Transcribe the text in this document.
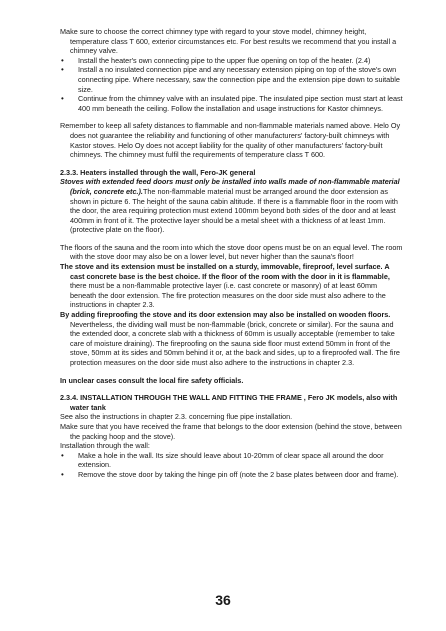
Make sure to choose the correct chimney type with regard to your stove model, chimney height, temperature class T 600, exterior circumstances etc. For best results we recommend that you install a chimney valve.

• Install the heater's own connecting pipe to the upper flue opening on top of the heater. (2.4)
• Install a no insulated connection pipe and any necessary extension piping on top of the stove's own connecting pipe. Where necessary, saw the connection pipe and the extension pipe down to suitable size.
• Continue from the chimney valve with an insulated pipe. The insulated pipe section must start at least 400 mm beneath the ceiling. Follow the installation and usage instructions for Kastor chimneys.

Remember to keep all safety distances to flammable and non-flammable materials named above. Helo Oy does not guarantee the reliability and functioning of other manufacturers' factory-built chimneys with Kastor stoves. Helo Oy does not accept liability for the quality of other manufacturers' factory-built chimneys. The chimney must fulfil the requirements of temperature class T 600.

2.3.3. Heaters installed through the wall, Fero-JK general

Stoves with extended feed doors must only be installed into walls made of non-flammable material (brick, concrete etc.).The non-flammable material must be arranged around the door extension as shown in picture 6. The height of the sauna cabin altitude. If there is a flammable floor in the room with the door, the area requiring protection must extend 100mm beyond both sides of the door and at least 400mm in front of it. The protective layer should be a metal sheet with a thickness of at least 1mm.

(protective plate on the floor).

The floors of the sauna and the room into which the stove door opens must be on an equal level. The room with the stove door may also be on a lower level, but never higher than the sauna's floor!

The stove and its extension must be installed on a sturdy, immovable, fireproof, level surface. A cast concrete base is the best choice. If the floor of the room with the door in it is flammable, there must be a non-flammable protective layer (i.e. cast concrete or masonry) of at least 60mm beneath the door extension. The fire protection measures on the door side must also adhere to the instructions in chapter 2.3.

By adding fireproofing the stove and its door extension may also be installed on wooden floors. Nevertheless, the dividing wall must be non-flammable (brick, concrete or similar). For the sauna and the extended door, a concrete slab with a thickness of 60mm is usually acceptable (remember to take care of moisture draining). The fireproofing on the sauna side floor must extend 50mm in front of the stove, 50mm at its sides and 50mm behind it or, at the back and sides, up to a fireproofed wall. The fire protection measures on the door side must also adhere to the instructions in chapter 2.3.

In unclear cases consult the local fire safety officials.

2.3.4. INSTALLATION THROUGH THE WALL AND FITTING THE FRAME , Fero JK models, also with water tank

See also the instructions in chapter 2.3. concerning flue pipe installation.

Make sure that you have received the frame that belongs to the door extension (behind the stove, between the packing hoop and the stove).

Installation through the wall:

• Make a hole in the wall. Its size should leave about 10-20mm of clear space all around the door extension.
• Remove the stove door by taking the hinge pin off (note the 2 base plates between door and frame).
36
